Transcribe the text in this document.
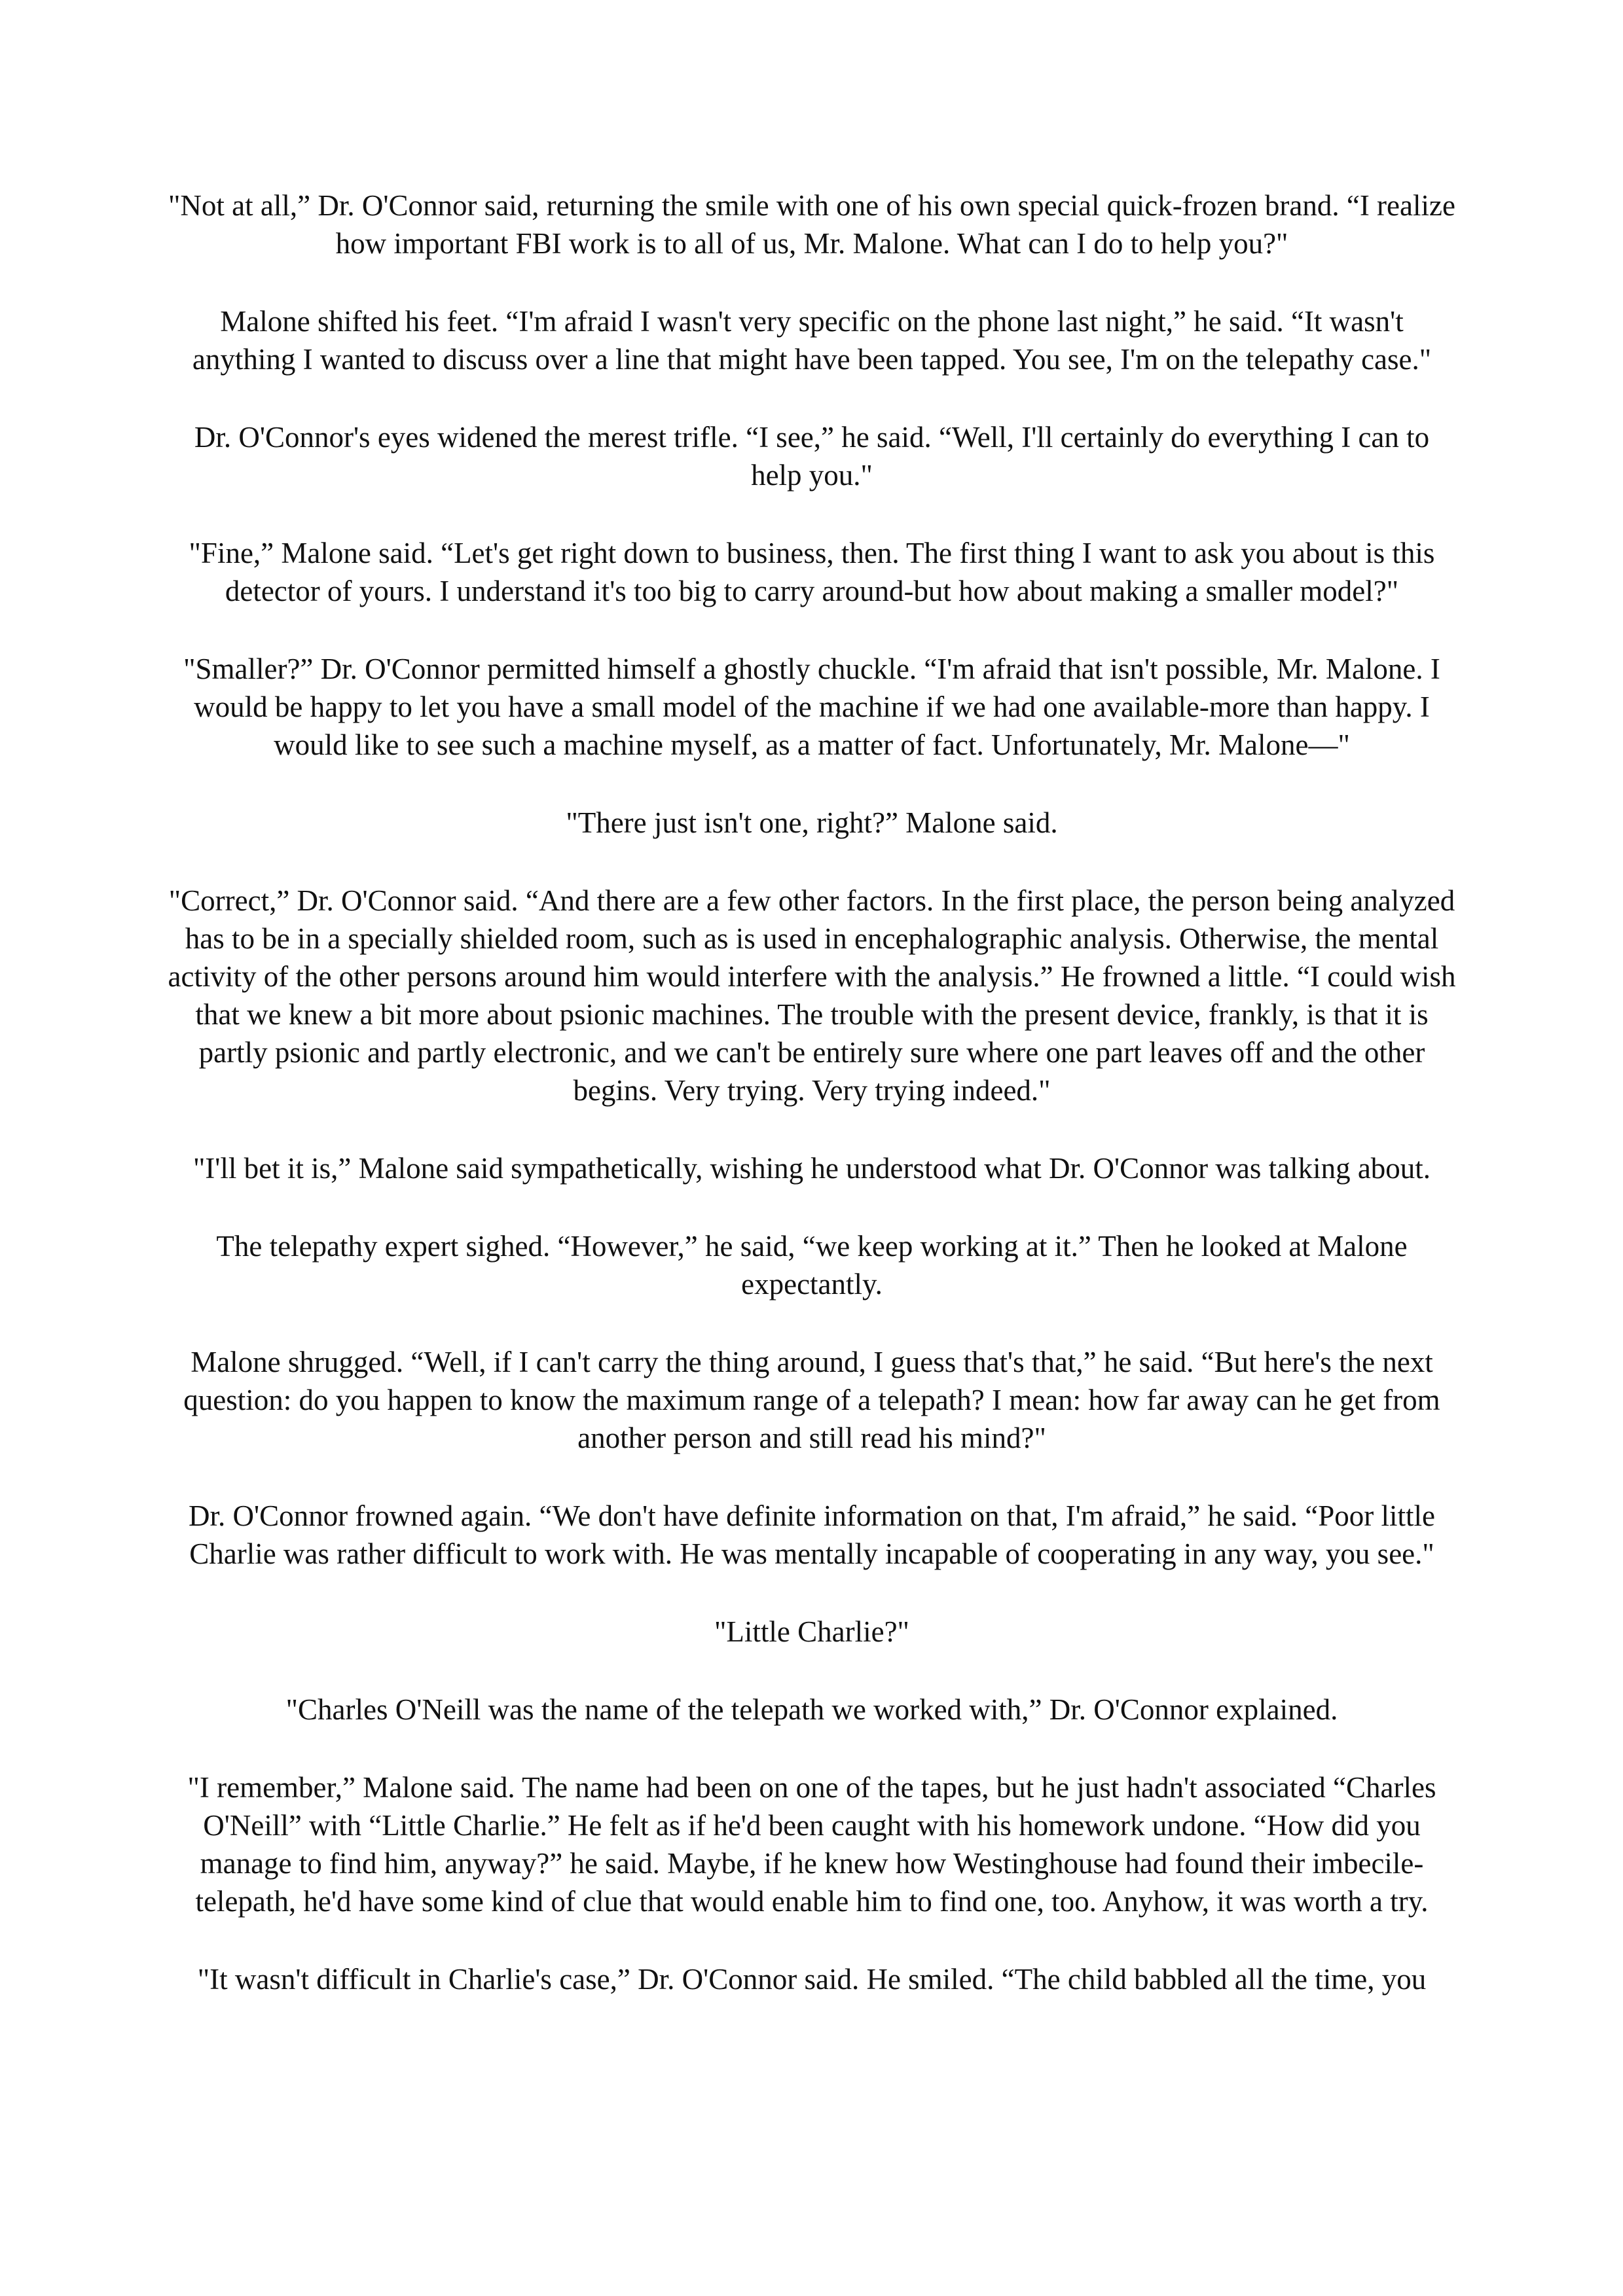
"Not at all,” Dr. O'Connor said, returning the smile with one of his own special quick-frozen brand. “I realize how important FBI work is to all of us, Mr. Malone. What can I do to help you?"

Malone shifted his feet. “I'm afraid I wasn't very specific on the phone last night,” he said. “It wasn't anything I wanted to discuss over a line that might have been tapped. You see, I'm on the telepathy case."

Dr. O'Connor's eyes widened the merest trifle. “I see,” he said. “Well, I'll certainly do everything I can to help you."

"Fine,” Malone said. “Let's get right down to business, then. The first thing I want to ask you about is this detector of yours. I understand it's too big to carry around-but how about making a smaller model?"

"Smaller?” Dr. O'Connor permitted himself a ghostly chuckle. “I'm afraid that isn't possible, Mr. Malone. I would be happy to let you have a small model of the machine if we had one available-more than happy. I would like to see such a machine myself, as a matter of fact. Unfortunately, Mr. Malone—"

"There just isn't one, right?” Malone said.

"Correct,” Dr. O'Connor said. “And there are a few other factors. In the first place, the person being analyzed has to be in a specially shielded room, such as is used in encephalographic analysis. Otherwise, the mental activity of the other persons around him would interfere with the analysis.” He frowned a little. “I could wish that we knew a bit more about psionic machines. The trouble with the present device, frankly, is that it is partly psionic and partly electronic, and we can't be entirely sure where one part leaves off and the other begins. Very trying. Very trying indeed."

"I'll bet it is,” Malone said sympathetically, wishing he understood what Dr. O'Connor was talking about.

The telepathy expert sighed. “However,” he said, “we keep working at it.” Then he looked at Malone expectantly.

Malone shrugged. “Well, if I can't carry the thing around, I guess that's that,” he said. “But here's the next question: do you happen to know the maximum range of a telepath? I mean: how far away can he get from another person and still read his mind?"

Dr. O'Connor frowned again. “We don't have definite information on that, I'm afraid,” he said. “Poor little Charlie was rather difficult to work with. He was mentally incapable of cooperating in any way, you see."

"Little Charlie?"

"Charles O'Neill was the name of the telepath we worked with,” Dr. O'Connor explained.

"I remember,” Malone said. The name had been on one of the tapes, but he just hadn't associated “Charles O'Neill” with “Little Charlie.” He felt as if he'd been caught with his homework undone. “How did you manage to find him, anyway?” he said. Maybe, if he knew how Westinghouse had found their imbecile-telepath, he'd have some kind of clue that would enable him to find one, too. Anyhow, it was worth a try.

"It wasn't difficult in Charlie's case,” Dr. O'Connor said. He smiled. “The child babbled all the time, you
